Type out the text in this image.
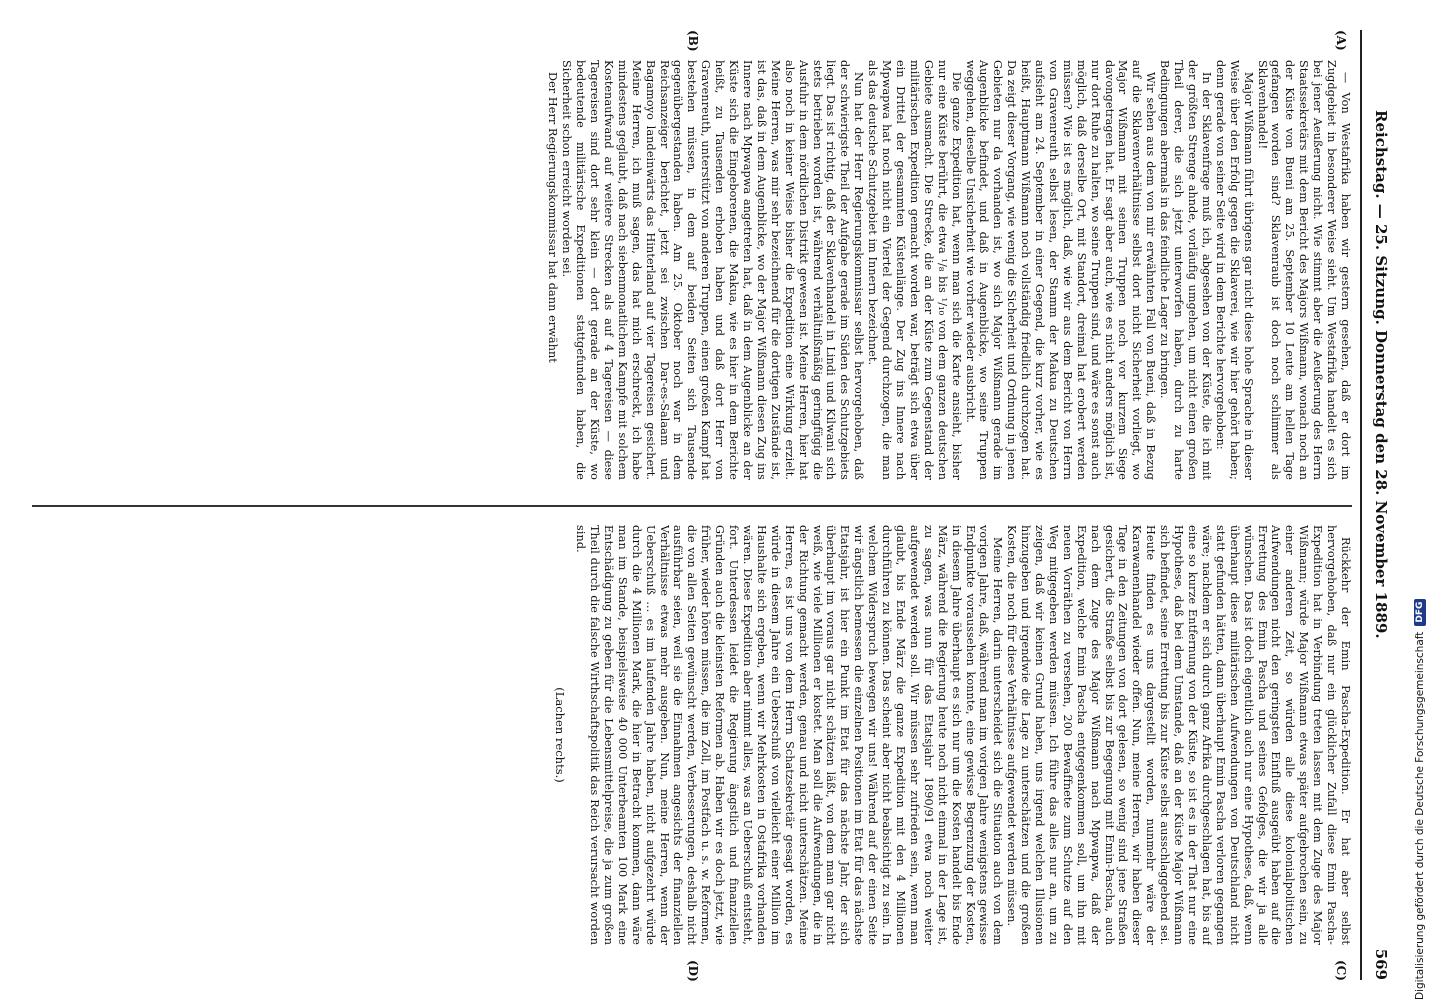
Reichstag. — 25. Sitzung. Donnerstag den 28. November 1889.
569
(A)
(B)
(C)
(D)

— Von Westafrika haben wir gestern gesehen, daß er dort im Zugdgebiet in besonderer Weise sieht. Um Westafrika handelt es sich bei jener Aeußerung nicht. Wie stimmt aber die Aeußerung des Herrn Staatssekretärs mit dem Bericht des Majors Wißmann, wonach noch an der Küste von Bueni am 25. September 10 Leute am hellen Tage gefangen worden sind? Sklavenraub ist doch noch schlimmer als Sklavenhandel!

Major Wißmann führt übrigens gar nicht diese hohe Sprache in dieser Weise über den Erfolg gegen die Sklaverei, wie wir hier gehört haben; denn gerade von seiner Seite wird in dem Berichte hervorgehoben:

In der Sklavenfrage muß ich, abgesehen von der Küste, die ich mit der größten Strenge ahnde, vorläufig umgehen, um nicht einen großen Theil derer, die sich jetzt unterworfen haben, durch zu harte Bedingungen abermals in das feindliche Lager zu bringen.

Wir sehen aus dem von mir erwähnten Fall von Bueni, daß in Bezug auf die Sklavenverhältnisse selbst dort nicht Sicherheit vorliegt, wo Major Wißmann mit seinen Truppen noch vor kurzem Siege davongetragen hat. Er sagt aber auch, wie es nicht anders möglich ist, nur dort Ruhe zu halten, wo seine Truppen sind, und wäre es sonst auch möglich, daß derselbe Ort, mit Standort, dreimal hat erobert werden müssen? Wie ist es möglich, daß, wie wir aus dem Bericht von Herrn von Gravenreuth selbst lesen, der Stamm der Makua zu Deutschen aufsieht am 24. September in einer Gegend, die kurz vorher, wie es heißt, Hauptmann Wißmann noch vollständig friedlich durchzogen hat. Da zeigt dieser Vorgang, wie wenig die Sicherheit und Ordnung in jenen Gebieten nur da vorhanden ist, wo sich Major Wißmann gerade im Augenblicke befindet, und daß in Augenblicke, wo seine Truppen weggehen, dieselbe Unsicherheit wie vorher wieder ausbricht.

Die ganze Expedition hat, wenn man sich die Karte ansieht, bisher nur eine Küste berührt, die etwa ¹/₈ bis ¹/₁₀ von dem ganzen deutschen Gebiete ausmacht. Die Strecke, die an der Küste zum Gegenstand der militärischen Expedition gemacht worden war, beträgt sich etwa über ein Drittel der gesammten Küstenlänge. Der Zug ins Innere nach Mpwapwa hat noch nicht ein Viertel der Gegend durchzogen, die man als das deutsche Schutzgebiet im Innern bezeichnet.

Nun hat der Herr Regierungskommissar selbst hervorgehoben, daß der schwierigste Theil der Aufgabe gerade im Süden des Schutzgebiets liegt. Das ist richtig, daß der Sklavenhandel in Lindi und Kilwani sich stets betrieben worden ist, während verhältnißmäßig geringfügig die Ausfuhr in dem nördlichen Distrikt gewesen ist. Meine Herren, hier hat also noch in keiner Weise bisher die Expedition eine Wirkung erzielt. Meine Herren, was mir sehr bezeichnend für die dortigen Zustände ist, ist das, daß in dem Augenblicke, wo der Major Wißmann diesen Zug ins Innere nach Mpwapwa angetreten hat, daß in dem Augenblicke an der Küste sich die Eingeborenen, die Makua, wie es hier in dem Berichte heißt, zu Tausenden erhoben haben und daß dort Herr von Gravenreuth, unterstützt von anderen Truppen, einen großen Kampf hat bestehen müssen, in dem auf beiden Seiten sich Tausende gegenübergestanden haben. Am 25. Oktober noch war in dem Reichsanzeiger berichtet, jetzt sei zwischen Dar-es-Salaam und Bagamoyo landeinwärts das Hinterland auf vier Tagereisen gesichert. Meine Herren, ich muß sagen, das hat mich erschreckt, ich habe mindestens geglaubt, daß nach siebenmonatlichem Kampfe mit solchem Kostenaufwand auf weitere Strecken als auf 4 Tagereisen — diese Tagereisen sind dort sehr klein — dort gerade an der Küste, wo bedeutende militärische Expeditionen stattgefunden haben, die Sicherheit schon erreicht worden sei.

Der Herr Regierungskommissar hat dann erwähnt

Rückkehr der Emin Pascha-Expedition. Er hat aber selbst hervorgehoben, daß nur ein glücklicher Zufall diese Emin Pascha-Expedition hat in Verbindung treten lassen mit dem Zuge des Major Wißmann; würde Major Wißmann etwas später aufgebrochen sein, zu einer anderen Zeit, so würden alle diese kolonialpolitischen Aufwendungen nicht den geringsten Einfluß ausgeübt haben auf die Errettung des Emin Pascha und seines Gefolges, die wir ja alle wünschen. Das ist doch eigentlich auch nur eine Hypothese, daß, wenn überhaupt diese militärischen Aufwendungen von Deutschland nicht statt gefunden hätten, dann überhaupt Emin Pascha verloren gegangen wäre; nachdem er sich durch ganz Afrika durchgeschlagen hat, bis auf eine so kurze Entfernung von der Küste, so ist es in der That nur eine Hypothese, daß bei dem Umstande, daß an der Küste Major Wißmann sich befindet, seine Errettung bis zur Küste selbst ausschlaggebend sei. Heute finden es uns dargestellt worden, nunmehr wäre der Karawanenhandel wieder offen. Nun, meine Herren, wir haben dieser Tage in den Zeitungen von dort gelesen, so wenig sind jene Straßen gesichert, die Straße selbst bis zur Begegnung mit Emin-Pascha, auch nach dem Zuge des Major Wißmann nach Mpwapwa, daß der Expedition, welche Emin Pascha entgegenkommen soll, um ihn mit neuen Vorräthen zu versehen, 200 Bewaffnete zum Schutze auf den Weg mitgegeben werden müssen. Ich führe das alles nur an, um zu zeigen, daß wir keinen Grund haben, uns irgend welchen Illusionen hinzugeben und irgendwie die Lage zu unterschätzen und die großen Kosten, die noch für diese Verhältnisse aufgewendet werden müssen.

Meine Herren, darin unterscheidet sich die Situation auch von dem vorigen Jahre, daß, während man im vorigen Jahre wenigstens gewisse Endpunkte voraussehen konnte, eine gewisse Begrenzung der Kosten, in diesem Jahre überhaupt es sich nur um die Kosten handelt bis Ende März, während die Regierung heute noch nicht einmal in der Lage ist, zu sagen, was nun für das Etatsjahr 1890/91 etwa noch weiter aufgewendet werden soll. Wir müssen sehr zufrieden sein, wenn man glaubt, bis Ende März die ganze Expedition mit den 4 Millionen durchführen zu können. Das scheint aber nicht beabsichtigt zu sein. In welchem Widerspruch bewegen wir uns! Während auf der einen Seite wir ängstlich bemessen die einzelnen Positionen im Etat für das nächste Etatsjahr, ist hier ein Punkt im Etat für das nächste Jahr, der sich überhaupt im voraus gar nicht schätzen läßt, von dem man gar nicht weiß, wie viele Millionen er kostet. Man soll die Aufwendungen, die in der Richtung gemacht werden, genau und nicht unterschätzen. Meine Herren, es ist uns von dem Herrn Schatzsekretär gesagt worden, es würde in diesem Jahre ein Ueberschuß von vielleicht einer Million im Haushalte sich ergeben, wenn wir Mehrkosten in Ostafrika vorhanden wären. Diese Expedition aber nimmt alles, was an Ueberschuß entsteht, fort. Unterdessen leidet die Regierung ängstlich und finanziellen Gründen auch die kleinsten Reformen ab. Haben wir es doch jetzt, wie früher, wieder hören müssen, die im Zoll, im Postfach u. s. w. Reformen, die von allen Seiten gewünscht werden, Verbesserungen, deshalb nicht ausführbar seien, weil sie die Einnahmen angesichts der finanziellen Verhältnisse etwas mehr ausgeben. Nun, meine Herren, wenn der Ueberschuß ... es im laufenden Jahre haben, nicht aufgezehrt würde durch die 4 Millionen Mark, die hier in Betracht kommen, dann wäre man im Stande, beispielsweise 40 000 Unterbeamten 100 Mark eine Entschädigung zu geben für die Lebensmittelpreise, die ja zum großen Theil durch die falsche Wirthschaftspolitik das Reich verursacht worden sind.

(Lachen rechts.)	Digitalisierung gefördert durch die Deutsche Forschungsgemeinschaft
DFG
